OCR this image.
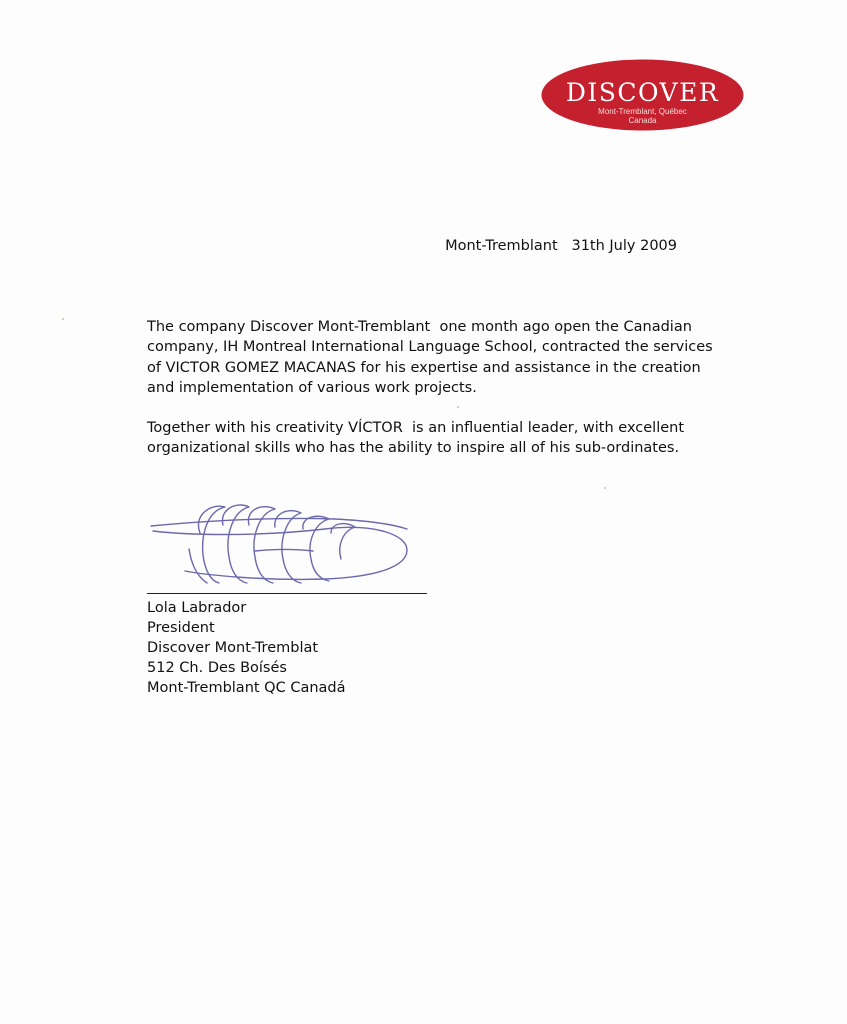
DISCOVER
Mont-Tremblant, Québec
Canada
Mont-Tremblant   31th July 2009

The company Discover Mont-Tremblant  one month ago open the Canadian

company, IH Montreal International Language School, contracted the services

of VICTOR GOMEZ MACANAS for his expertise and assistance in the creation

and implementation of various work projects.

Together with his creativity VÍCTOR  is an influential leader, with excellent

organizational skills who has the ability to inspire all of his sub-ordinates.

Lola Labrador
President
Discover Mont-Tremblat
512 Ch. Des Boísés
Mont-Tremblant QC Canadá
